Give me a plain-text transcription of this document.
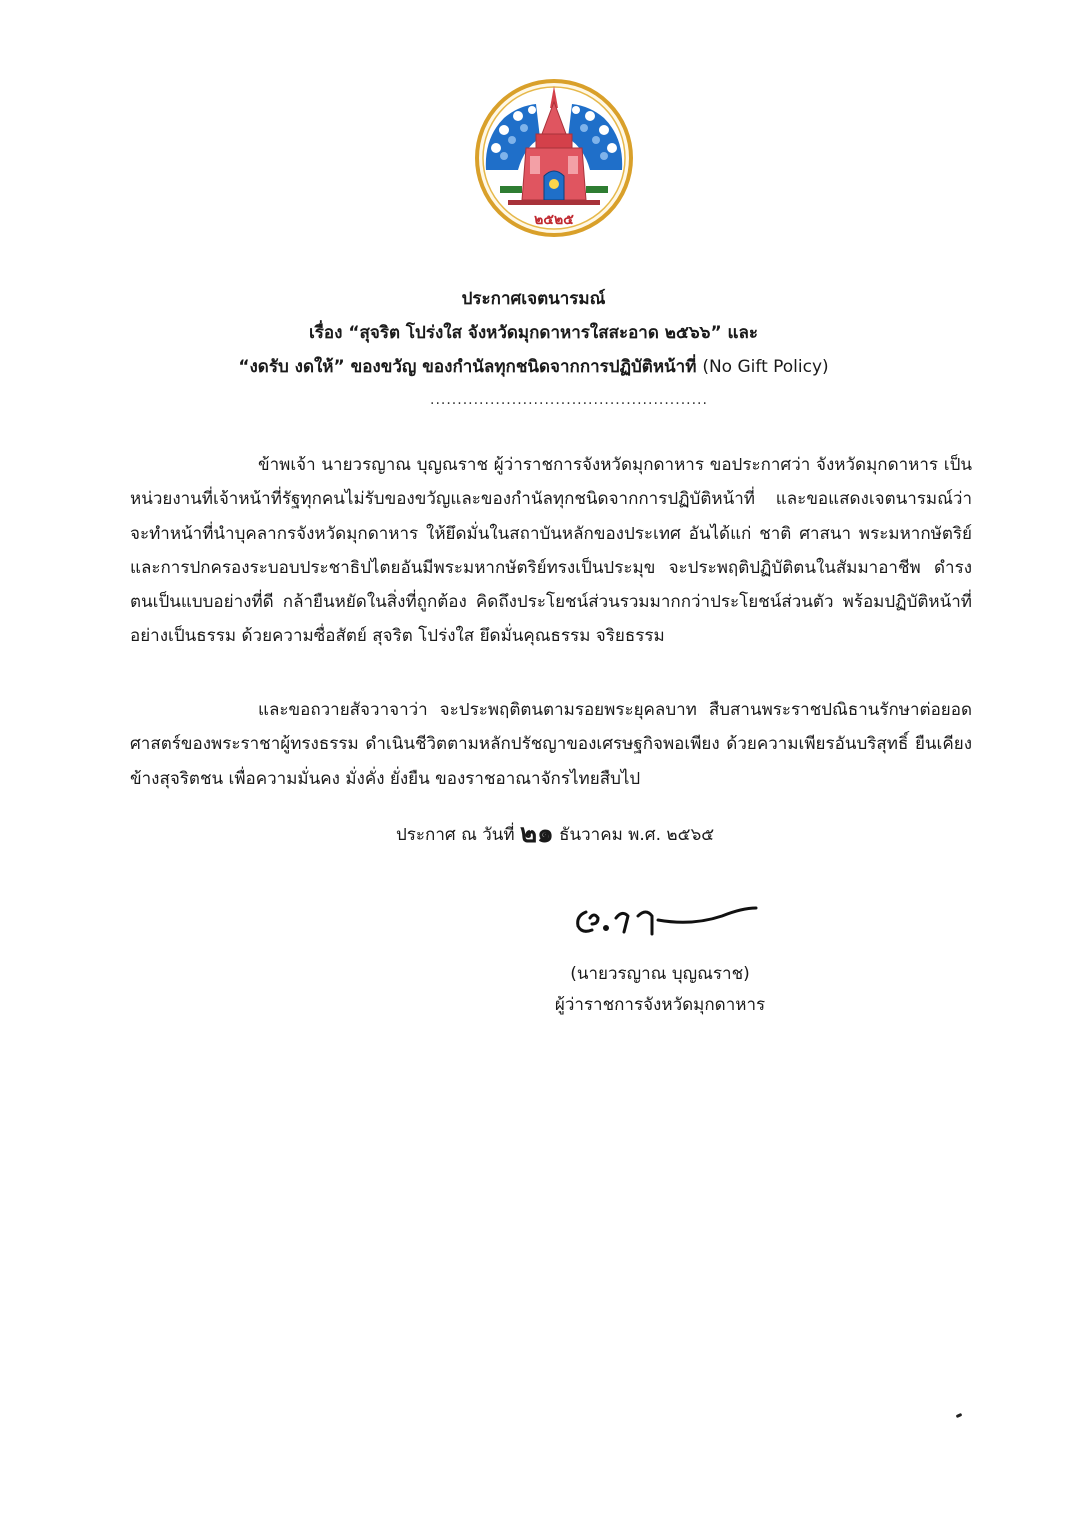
๒๕๒๕

ประกาศเจตนารมณ์

เรื่อง “สุจริต โปร่งใส จังหวัดมุกดาหารใสสะอาด ๒๕๖๖” และ

“งดรับ งดให้” ของขวัญ ของกำนัลทุกชนิดจากการปฏิบัติหน้าที่ (No Gift Policy)

...................................................
ข้าพเจ้า นายวรญาณ บุญณราช ผู้ว่าราชการจังหวัดมุกดาหาร ขอประกาศว่า จังหวัดมุกดาหาร เป็นหน่วยงานที่เจ้าหน้าที่รัฐทุกคนไม่รับของขวัญและของกำนัลทุกชนิดจากการปฏิบัติหน้าที่ และขอแสดงเจตนารมณ์ว่า จะทำหน้าที่นำบุคลากรจังหวัดมุกดาหาร ให้ยึดมั่นในสถาบันหลักของประเทศ อันได้แก่ ชาติ ศาสนา พระมหากษัตริย์ และการปกครองระบอบประชาธิปไตยอันมีพระมหากษัตริย์ทรงเป็นประมุข จะประพฤติปฏิบัติตนในสัมมาอาชีพ ดำรงตนเป็นแบบอย่างที่ดี กล้ายืนหยัดในสิ่งที่ถูกต้อง คิดถึงประโยชน์ส่วนรวมมากกว่าประโยชน์ส่วนตัว พร้อมปฏิบัติหน้าที่อย่างเป็นธรรม ด้วยความซื่อสัตย์ สุจริต โปร่งใส ยึดมั่นคุณธรรม จริยธรรม
และขอถวายสัจวาจาว่า จะประพฤติตนตามรอยพระยุคลบาท สืบสานพระราชปณิธานรักษาต่อยอดศาสตร์ของพระราชาผู้ทรงธรรม ดำเนินชีวิตตามหลักปรัชญาของเศรษฐกิจพอเพียง ด้วยความเพียรอันบริสุทธิ์ ยืนเคียงข้างสุจริตชน เพื่อความมั่นคง มั่งคั่ง ยั่งยืน ของราชอาณาจักรไทยสืบไป
ประกาศ ณ วันที่ ๒๑ ธันวาคม พ.ศ. ๒๕๖๕
(นายวรญาณ บุญณราช)
ผู้ว่าราชการจังหวัดมุกดาหาร
